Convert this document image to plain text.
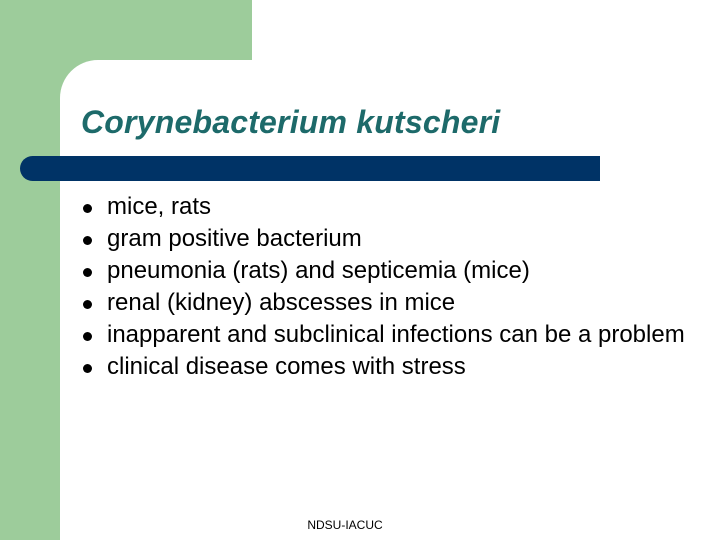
Corynebacterium kutscheri
mice, rats
gram positive bacterium
pneumonia (rats) and septicemia (mice)
renal (kidney) abscesses in mice
inapparent and subclinical infections can be a problem
clinical disease comes with stress
NDSU-IACUC
